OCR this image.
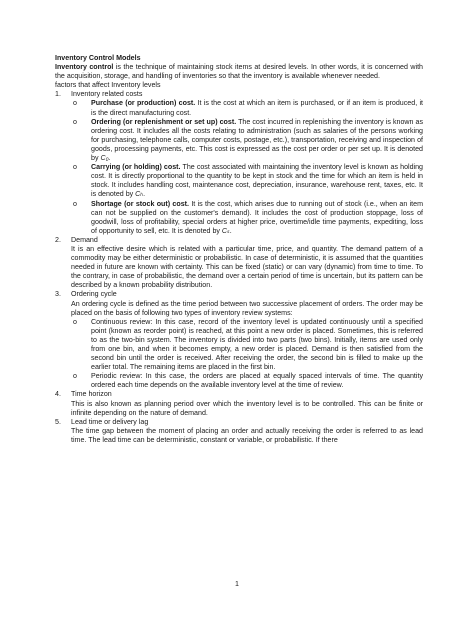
Inventory Control Models

Inventory control is the technique of maintaining stock items at desired levels. In other words, it is concerned with the acquisition, storage, and handling of inventories so that the inventory is available whenever needed.

factors that affect Inventory levels

1. Inventory related costs

o Purchase (or production) cost. It is the cost at which an item is purchased, or if an item is produced, it is the direct manufacturing cost.
o Ordering (or replenishment or set up) cost. The cost incurred in replenishing the inventory is known as ordering cost. It includes all the costs relating to administration (such as salaries of the persons working for purchasing, telephone calls, computer costs, postage, etc.), transportation, receiving and inspection of goods, processing payments, etc. This cost is expressed as the cost per order or per set up. It is denoted by C₀.
o Carrying (or holding) cost. The cost associated with maintaining the inventory level is known as holding cost. It is directly proportional to the quantity to be kept in stock and the time for which an item is held in stock. It includes handling cost, maintenance cost, depreciation, insurance, warehouse rent, taxes, etc. It is denoted by Cₕ.
o Shortage (or stock out) cost. It is the cost, which arises due to running out of stock (i.e., when an item can not be supplied on the customer's demand). It includes the cost of production stoppage, loss of goodwill, loss of profitability, special orders at higher price, overtime/idle time payments, expediting, loss of opportunity to sell, etc. It is denoted by Cₛ.
2. Demand

It is an effective desire which is related with a particular time, price, and quantity. The demand pattern of a commodity may be either deterministic or probabilistic. In case of deterministic, it is assumed that the quantities needed in future are known with certainty. This can be fixed (static) or can vary (dynamic) from time to time. To the contrary, in case of probabilistic, the demand over a certain period of time is uncertain, but its pattern can be described by a known probability distribution.

3. Ordering cycle

An ordering cycle is defined as the time period between two successive placement of orders. The order may be placed on the basis of following two types of inventory review systems:

o Continuous review: In this case, record of the inventory level is updated continuously until a specified point (known as reorder point) is reached, at this point a new order is placed. Sometimes, this is referred to as the two-bin system. The inventory is divided into two parts (two bins). Initially, items are used only from one bin, and when it becomes empty, a new order is placed. Demand is then satisfied from the second bin until the order is received. After receiving the order, the second bin is filled to make up the earlier total. The remaining items are placed in the first bin.
o Periodic review: In this case, the orders are placed at equally spaced intervals of time. The quantity ordered each time depends on the available inventory level at the time of review.
4. Time horizon

This is also known as planning period over which the inventory level is to be controlled. This can be finite or infinite depending on the nature of demand.

5. Lead time or delivery lag

The time gap between the moment of placing an order and actually receiving the order is referred to as lead time. The lead time can be deterministic, constant or variable, or probabilistic. If there

1
